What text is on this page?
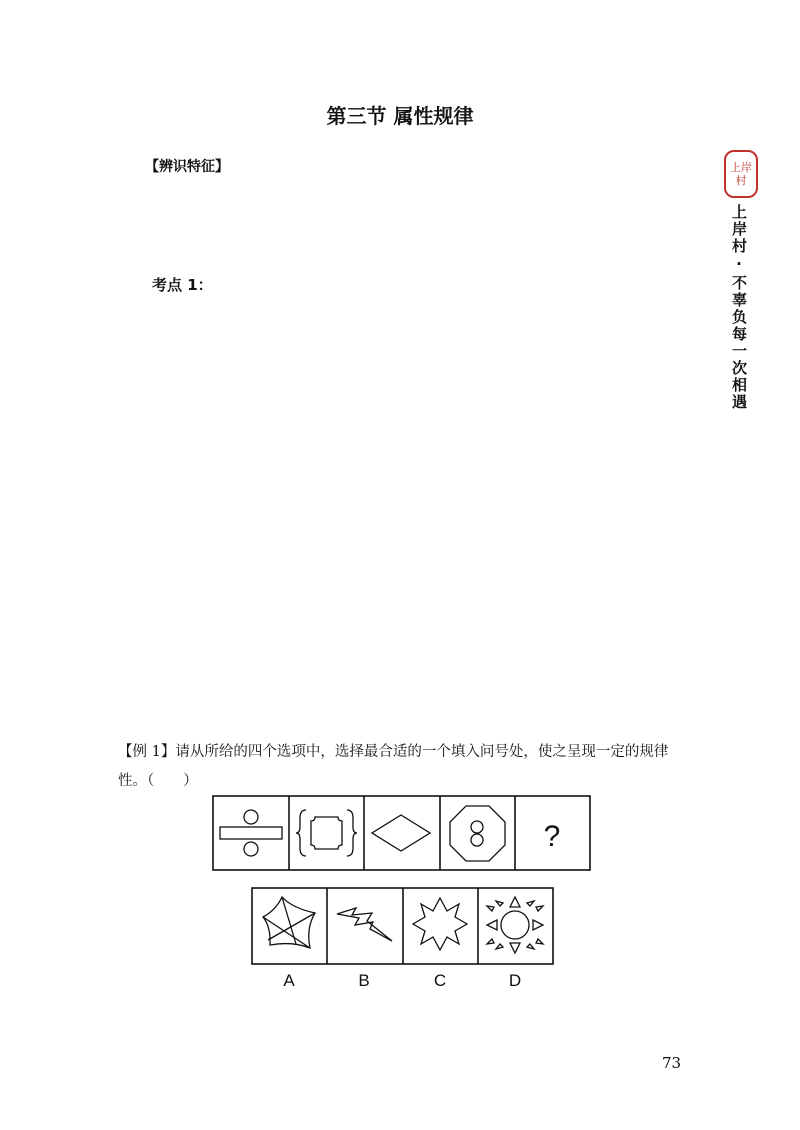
第三节 属性规律
【辨识特征】
考点 1：
上岸
村
上岸村·不辜负每一次相遇
【例 1】请从所给的四个选项中，选择最合适的一个填入问号处，使之呈现一定的规律性。（　　）
?
A	B	C	D
73
